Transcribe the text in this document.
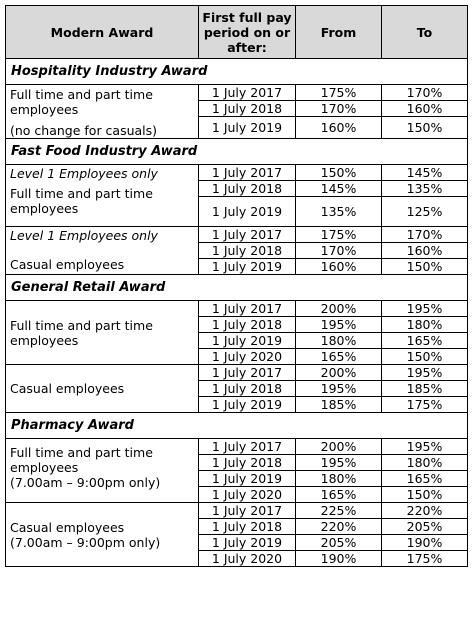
Modern Award	First full pay period on or after:	From	To
Hospitality Industry Award			

Full time and part time employees
(no change for casuals)	1 July 2017	175%	170%
	1 July 2018	170%	160%
	1 July 2019	160%	150%
Fast Food Industry Award			

Level 1 Employees only
Full time and part time employees	1 July 2017	150%	145%
	1 July 2018	145%	135%
	1 July 2019	135%	125%

Level 1 Employees only
Casual employees	1 July 2017	175%	170%
	1 July 2018	170%	160%
	1 July 2019	160%	150%
General Retail Award			

Full time and part time employees	1 July 2017	200%	195%
	1 July 2018	195%	180%
	1 July 2019	180%	165%
	1 July 2020	165%	150%

Casual employees	1 July 2017	200%	195%
	1 July 2018	195%	185%
	1 July 2019	185%	175%
Pharmacy Award			

Full time and part time employees
(7.00am – 9:00pm only)	1 July 2017	200%	195%
	1 July 2018	195%	180%
	1 July 2019	180%	165%
	1 July 2020	165%	150%

Casual employees
(7.00am – 9:00pm only)	1 July 2017	225%	220%
	1 July 2018	220%	205%
	1 July 2019	205%	190%
	1 July 2020	190%	175%
